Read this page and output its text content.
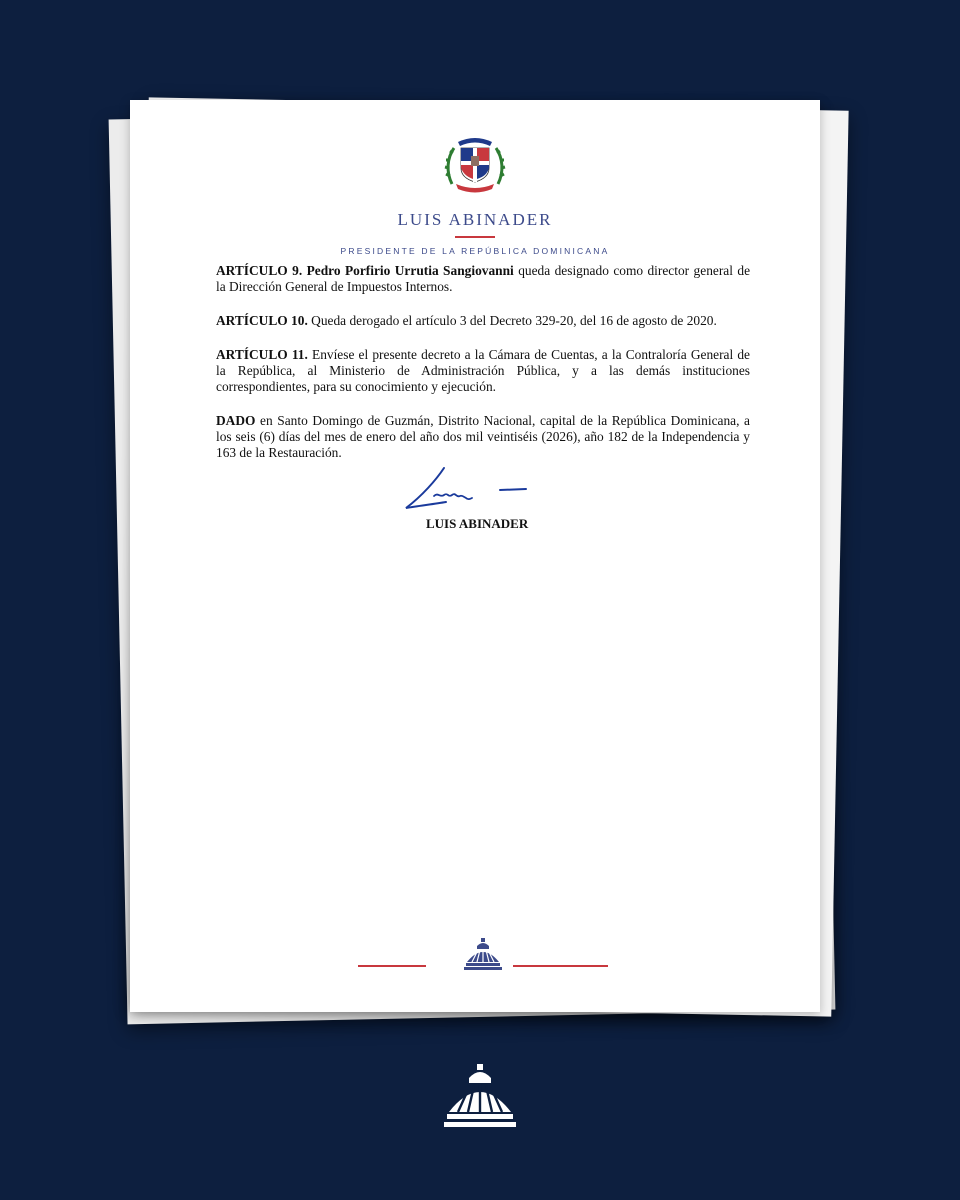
LUIS ABINADER
PRESIDENTE DE LA REPÚBLICA DOMINICANA

ARTÍCULO 9. Pedro Porfirio Urrutia Sangiovanni queda designado como director general de la Dirección General de Impuestos Internos.

ARTÍCULO 10. Queda derogado el artículo 3 del Decreto 329-20, del 16 de agosto de 2020.

ARTÍCULO 11. Envíese el presente decreto a la Cámara de Cuentas, a la Contraloría General de la República, al Ministerio de Administración Pública, y a las demás instituciones correspondientes, para su conocimiento y ejecución.

DADO en Santo Domingo de Guzmán, Distrito Nacional, capital de la República Dominicana, a los seis (6) días del mes de enero del año dos mil veintiséis (2026), año 182 de la Independencia y 163 de la Restauración.

LUIS ABINADER
